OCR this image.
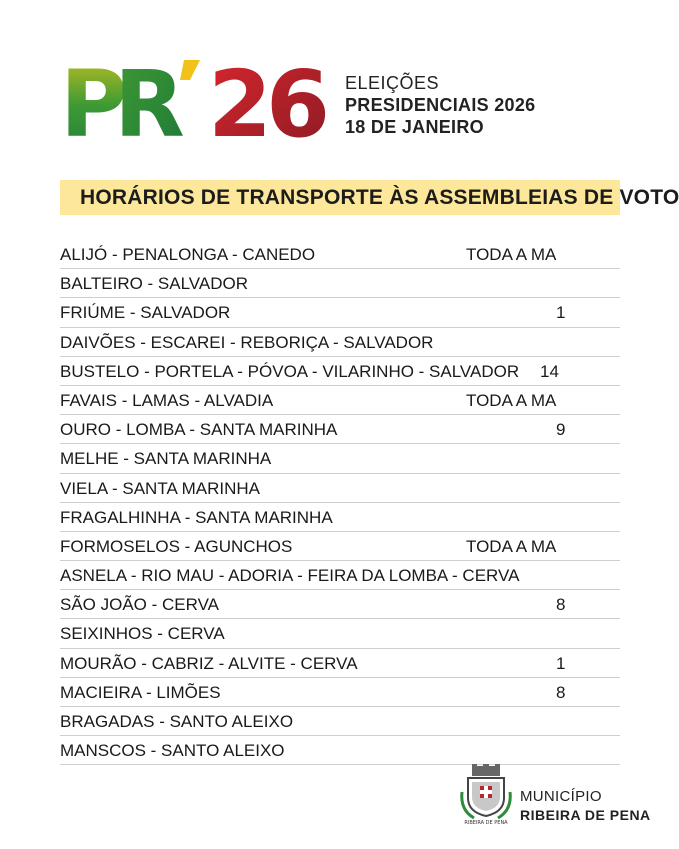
P
R 26 ELEIÇÕES
PRESIDENCIAIS 2026
18 DE JANEIRO
HORÁRIOS DE TRANSPORTE ÀS ASSEMBLEIAS DE VOTO
ALIJÓ - PENALONGA - CANEDO	TODA A MA
BALTEIRO - SALVADOR
FRIÚME - SALVADOR	1
DAIVÕES - ESCAREI - REBORIÇA - SALVADOR
BUSTELO - PORTELA - PÓVOA - VILARINHO - SALVADOR	14
FAVAIS - LAMAS - ALVADIA	TODA A MA
OURO - LOMBA - SANTA MARINHA	9
MELHE - SANTA MARINHA
VIELA - SANTA MARINHA
FRAGALHINHA - SANTA MARINHA
FORMOSELOS - AGUNCHOS	TODA A MA
ASNELA - RIO MAU - ADORIA - FEIRA DA LOMBA - CERVA
SÃO JOÃO - CERVA	8
SEIXINHOS - CERVA
MOURÃO - CABRIZ - ALVITE - CERVA	1
MACIEIRA - LIMÕES	8
BRAGADAS - SANTO ALEIXO
MANSCOS - SANTO ALEIXO
RIBEIRA DE PENA
MUNICÍPIO
RIBEIRA DE PENA
